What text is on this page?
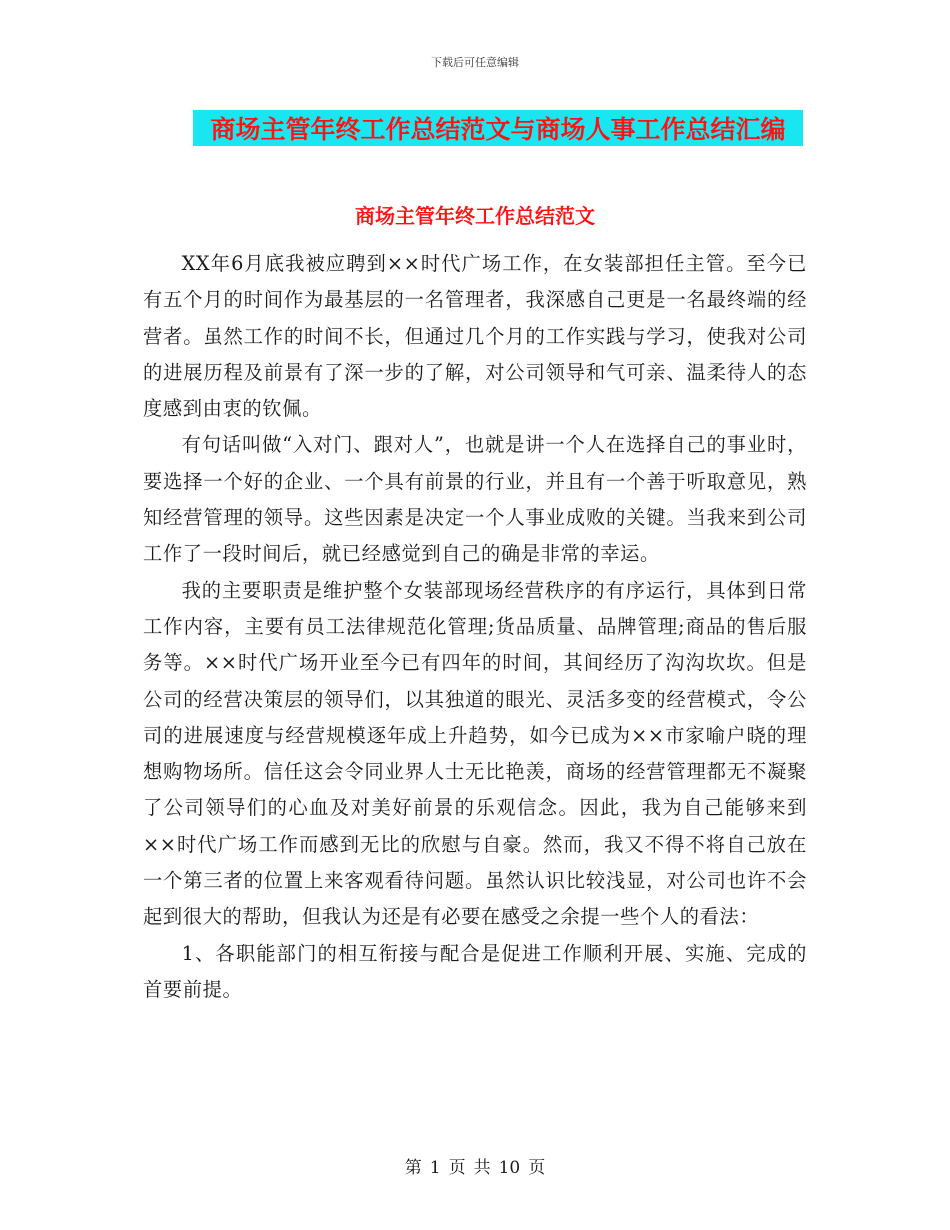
下载后可任意编辑
商场主管年终工作总结范文与商场人事工作总结汇编
商场主管年终工作总结范文

XX年6月底我被应聘到××时代广场工作，在女装部担任主管。至今已有五个月的时间作为最基层的一名管理者，我深感自己更是一名最终端的经营者。虽然工作的时间不长，但通过几个月的工作实践与学习，使我对公司的进展历程及前景有了深一步的了解，对公司领导和气可亲、温柔待人的态度感到由衷的钦佩。

有句话叫做“入对门、跟对人”，也就是讲一个人在选择自己的事业时，要选择一个好的企业、一个具有前景的行业，并且有一个善于听取意见，熟知经营管理的领导。这些因素是决定一个人事业成败的关键。当我来到公司工作了一段时间后，就已经感觉到自己的确是非常的幸运。

我的主要职责是维护整个女装部现场经营秩序的有序运行，具体到日常工作内容，主要有员工法律规范化管理;货品质量、品牌管理;商品的售后服务等。××时代广场开业至今已有四年的时间，其间经历了沟沟坎坎。但是公司的经营决策层的领导们，以其独道的眼光、灵活多变的经营模式，令公司的进展速度与经营规模逐年成上升趋势，如今已成为××市家喻户晓的理想购物场所。信任这会令同业界人士无比艳羡，商场的经营管理都无不凝聚了公司领导们的心血及对美好前景的乐观信念。因此，我为自己能够来到××时代广场工作而感到无比的欣慰与自豪。然而，我又不得不将自己放在一个第三者的位置上来客观看待问题。虽然认识比较浅显，对公司也许不会起到很大的帮助，但我认为还是有必要在感受之余提一些个人的看法：

1、各职能部门的相互衔接与配合是促进工作顺利开展、实施、完成的首要前提。

第 1 页 共 10 页
